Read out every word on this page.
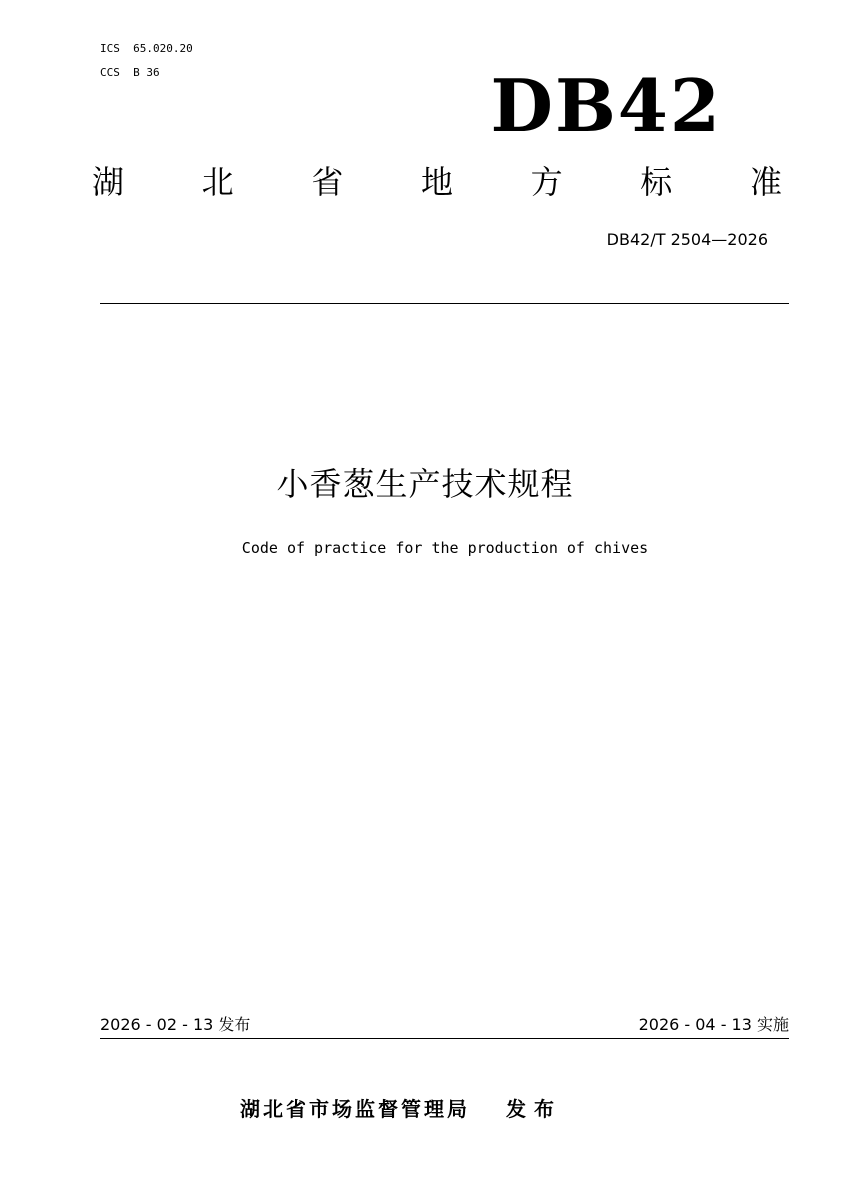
ICS  65.020.20
CCS  B 36	DB42
湖 北 省 地 方 标 准
DB42/T 2504—2026
小香葱生产技术规程
Code of practice for the production of chives
2026 - 02 - 13 发布	2026 - 04 - 13 实施
湖北省市场监督管理局 发布
